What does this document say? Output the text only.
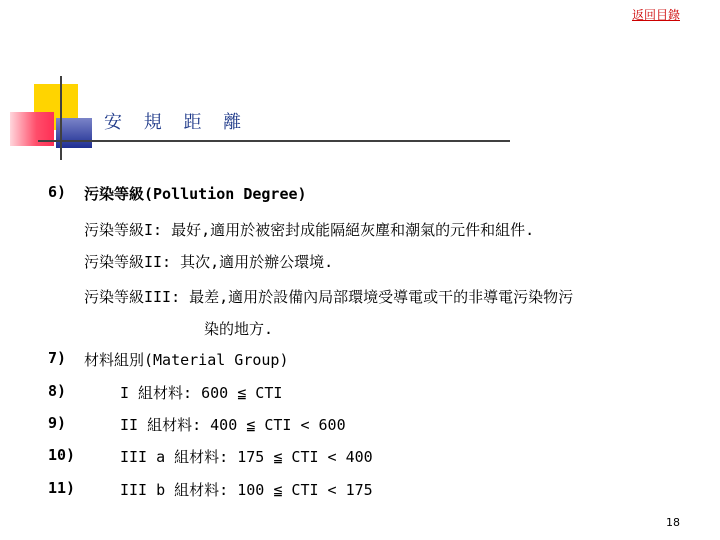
返回目錄
安 規 距 離
6) 污染等級(Pollution Degree)
污染等級I: 最好,適用於被密封成能隔絕灰塵和潮氣的元件和組件.
污染等級II: 其次,適用於辦公環境.
污染等級III: 最差,適用於設備內局部環境受導電或干的非導電污染物污
染的地方.
7) 材料組別(Material Group)
8)	I 組材料: 600 ≦ CTI
9)	II 組材料: 400 ≦ CTI < 600
10)	III a 組材料: 175 ≦ CTI < 400
11)	III b 組材料: 100 ≦ CTI < 175
18
